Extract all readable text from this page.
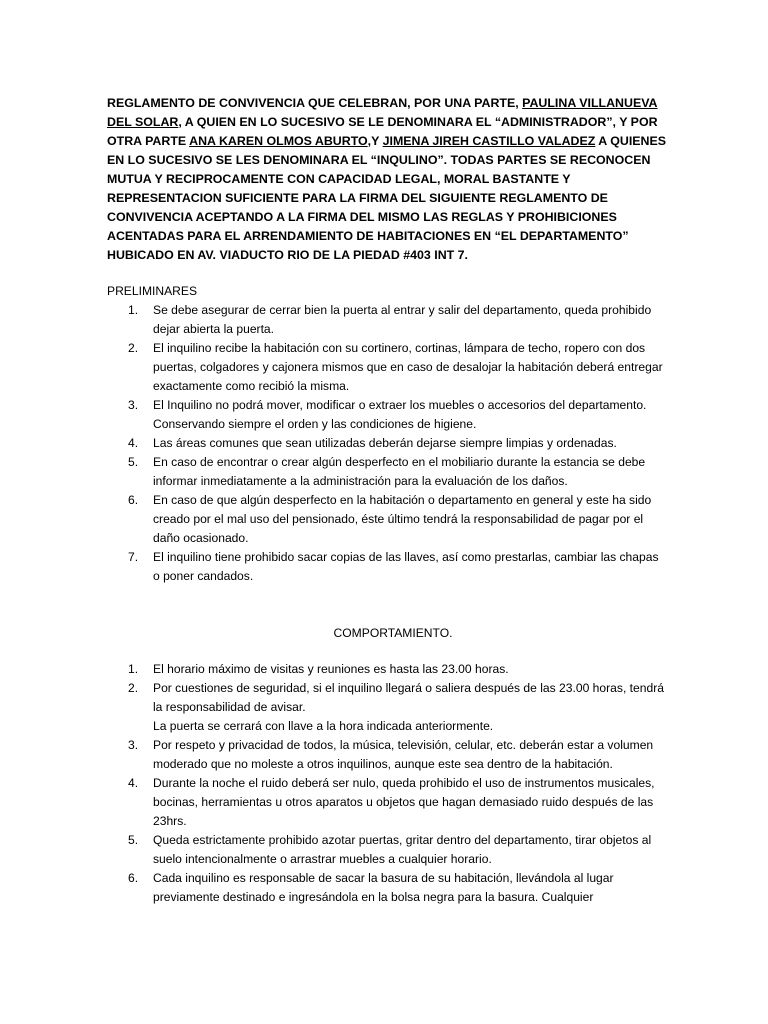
REGLAMENTO DE CONVIVENCIA QUE CELEBRAN, POR UNA PARTE, PAULINA VILLANUEVA DEL SOLAR, A QUIEN EN LO SUCESIVO SE LE DENOMINARA EL “ADMINISTRADOR”, Y POR OTRA PARTE ANA KAREN OLMOS ABURTO,Y JIMENA JIREH CASTILLO VALADEZ A QUIENES EN LO SUCESIVO SE LES DENOMINARA EL “INQULINO”. TODAS PARTES SE RECONOCEN MUTUA Y RECIPROCAMENTE CON CAPACIDAD LEGAL, MORAL BASTANTE Y REPRESENTACION SUFICIENTE PARA LA FIRMA DEL SIGUIENTE REGLAMENTO DE CONVIVENCIA ACEPTANDO A LA FIRMA DEL MISMO LAS REGLAS Y PROHIBICIONES ACENTADAS PARA EL ARRENDAMIENTO DE HABITACIONES EN “EL DEPARTAMENTO” HUBICADO EN AV. VIADUCTO RIO DE LA PIEDAD #403 INT 7.

PRELIMINARES

1. Se debe asegurar de cerrar bien la puerta al entrar y salir del departamento, queda prohibido dejar abierta la puerta.
2. El inquilino recibe la habitación con su cortinero, cortinas, lámpara de techo, ropero con dos puertas, colgadores y cajonera mismos que en caso de desalojar la habitación deberá entregar exactamente como recibió la misma.
3. El Inquilino no podrá mover, modificar o extraer los muebles o accesorios del departamento. Conservando siempre el orden y las condiciones de higiene.
4. Las áreas comunes que sean utilizadas deberán dejarse siempre limpias y ordenadas.
5. En caso de encontrar o crear algún desperfecto en el mobiliario durante la estancia se debe informar inmediatamente a la administración para la evaluación de los daños.
6. En caso de que algún desperfecto en la habitación o departamento en general y este ha sido creado por el mal uso del pensionado, éste último tendrá la responsabilidad de pagar por el daño ocasionado.
7. El inquilino tiene prohibido sacar copias de las llaves, así como prestarlas, cambiar las chapas o poner candados.

COMPORTAMIENTO.

1. El horario máximo de visitas y reuniones es hasta las 23.00 horas.
2. Por cuestiones de seguridad, si el inquilino llegará o saliera después de las 23.00 horas, tendrá la responsabilidad de avisar.
La puerta se cerrará con llave a la hora indicada anteriormente.
3. Por respeto y privacidad de todos, la música, televisión, celular, etc. deberán estar a volumen moderado que no moleste a otros inquilinos, aunque este sea dentro de la habitación.
4. Durante la noche el ruido deberá ser nulo, queda prohibido el uso de instrumentos musicales, bocinas, herramientas u otros aparatos u objetos que hagan demasiado ruido después de las 23hrs.
5. Queda estrictamente prohibido azotar puertas, gritar dentro del departamento, tirar objetos al suelo intencionalmente o arrastrar muebles a cualquier horario.
6. Cada inquilino es responsable de sacar la basura de su habitación, llevándola al lugar previamente destinado e ingresándola en la bolsa negra para la basura. Cualquier
